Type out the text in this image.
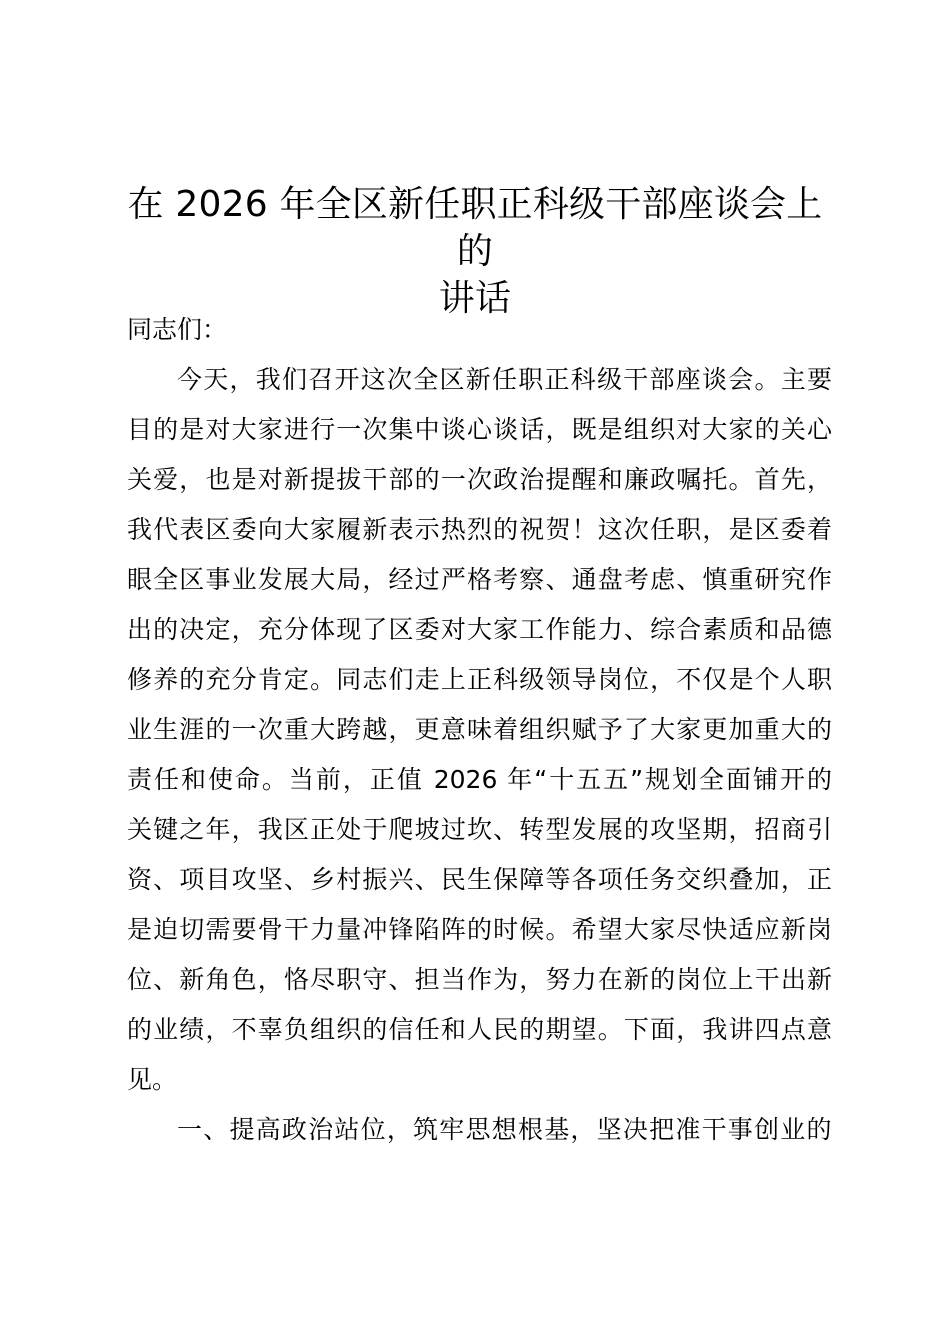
在 2026 年全区新任职正科级干部座谈会上的
讲话
同志们：
今天，我们召开这次全区新任职正科级干部座谈会。主要
目的是对大家进行一次集中谈心谈话，既是组织对大家的关心
关爱，也是对新提拔干部的一次政治提醒和廉政嘱托。首先，
我代表区委向大家履新表示热烈的祝贺！这次任职，是区委着
眼全区事业发展大局，经过严格考察、通盘考虑、慎重研究作
出的决定，充分体现了区委对大家工作能力、综合素质和品德
修养的充分肯定。同志们走上正科级领导岗位，不仅是个人职
业生涯的一次重大跨越，更意味着组织赋予了大家更加重大的
责任和使命。当前，正值 2026 年“十五五”规划全面铺开的
关键之年，我区正处于爬坡过坎、转型发展的攻坚期，招商引
资、项目攻坚、乡村振兴、民生保障等各项任务交织叠加，正
是迫切需要骨干力量冲锋陷阵的时候。希望大家尽快适应新岗
位、新角色，恪尽职守、担当作为，努力在新的岗位上干出新
的业绩，不辜负组织的信任和人民的期望。下面，我讲四点意
见。
一、提高政治站位，筑牢思想根基，坚决把准干事创业的
